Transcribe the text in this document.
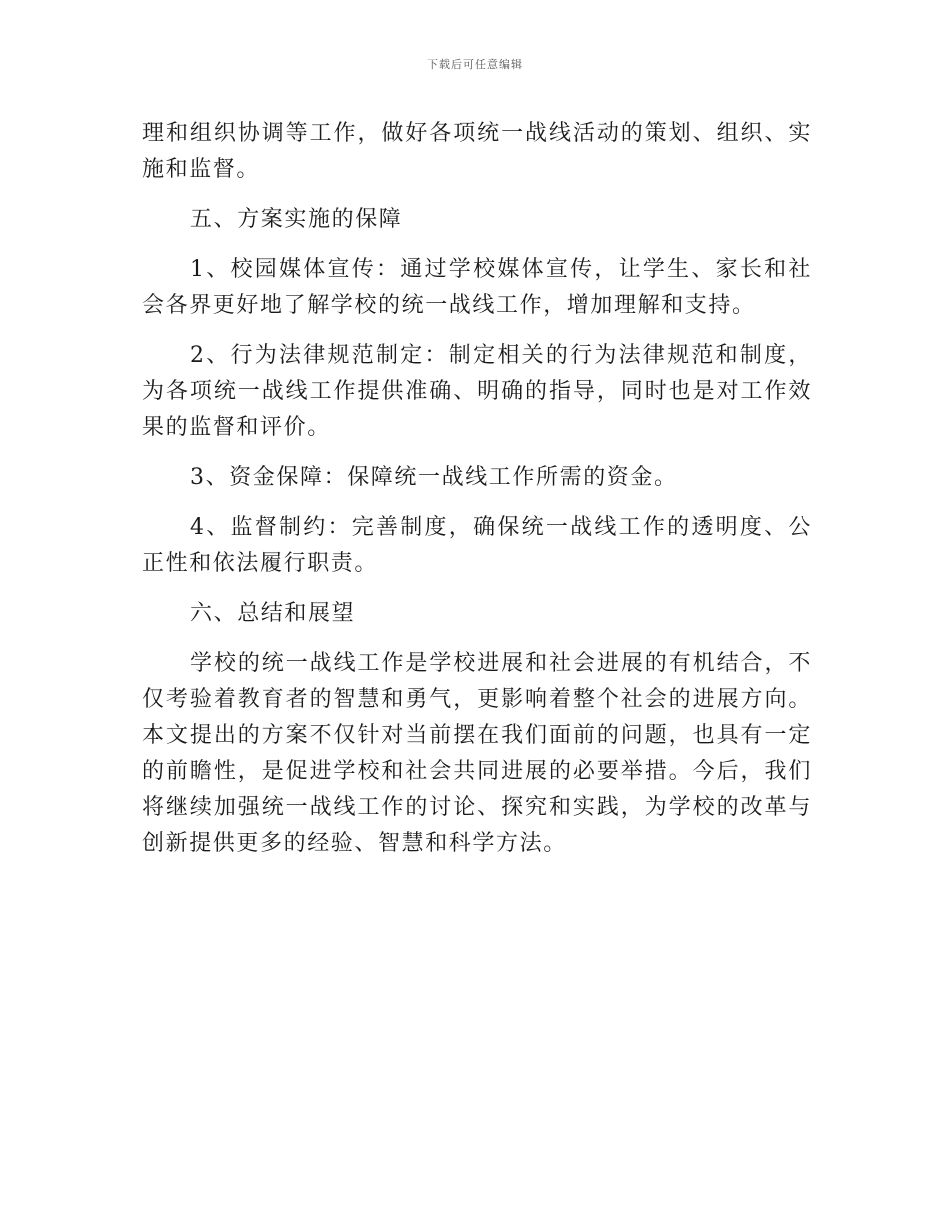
下载后可任意编辑

理和组织协调等工作，做好各项统一战线活动的策划、组织、实施和监督。

五、方案实施的保障

1、校园媒体宣传：通过学校媒体宣传，让学生、家长和社会各界更好地了解学校的统一战线工作，增加理解和支持。

2、行为法律规范制定：制定相关的行为法律规范和制度，为各项统一战线工作提供准确、明确的指导，同时也是对工作效果的监督和评价。

3、资金保障：保障统一战线工作所需的资金。

4、监督制约：完善制度，确保统一战线工作的透明度、公正性和依法履行职责。

六、总结和展望

学校的统一战线工作是学校进展和社会进展的有机结合，不仅考验着教育者的智慧和勇气，更影响着整个社会的进展方向。本文提出的方案不仅针对当前摆在我们面前的问题，也具有一定的前瞻性，是促进学校和社会共同进展的必要举措。今后，我们将继续加强统一战线工作的讨论、探究和实践，为学校的改革与创新提供更多的经验、智慧和科学方法。
